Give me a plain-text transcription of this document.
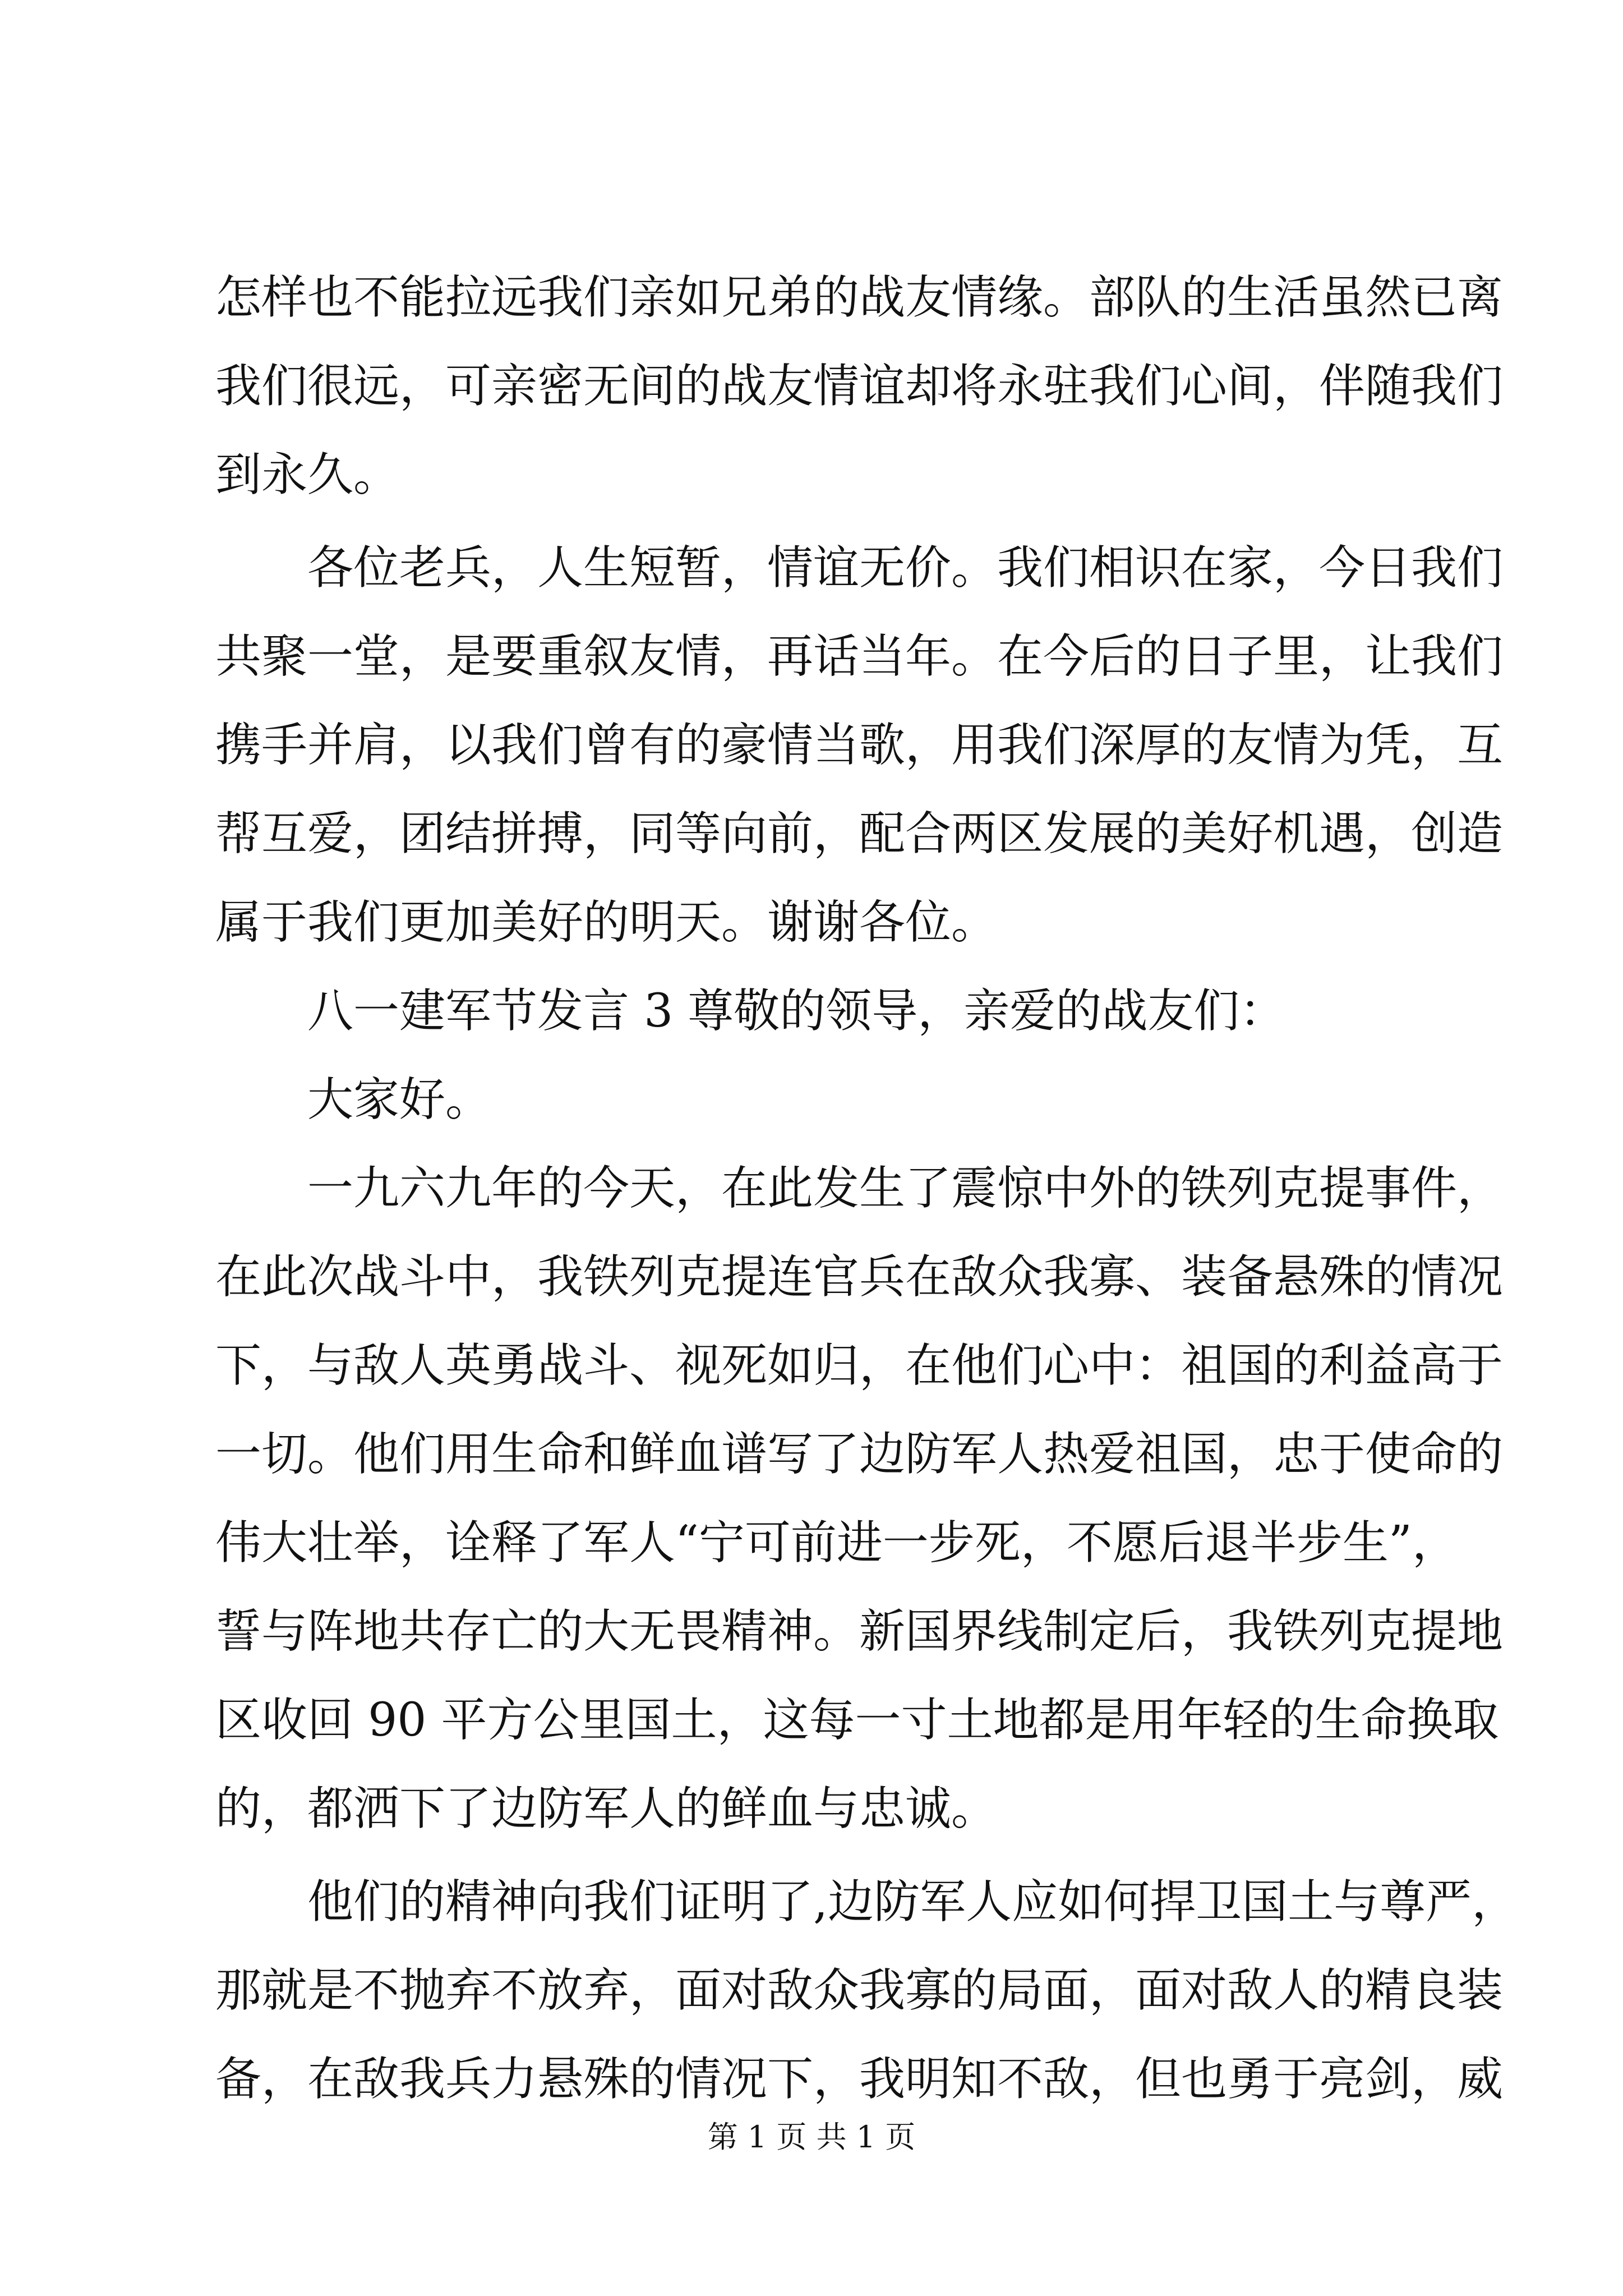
怎样也不能拉远我们亲如兄弟的战友情缘。部队的生活虽然已离
我们很远，可亲密无间的战友情谊却将永驻我们心间，伴随我们
到永久。
各位老兵，人生短暂，情谊无价。我们相识在家，今日我们
共聚一堂，是要重叙友情，再话当年。在今后的日子里，让我们
携手并肩，以我们曾有的豪情当歌，用我们深厚的友情为凭，互
帮互爱，团结拼搏，同等向前，配合两区发展的美好机遇，创造
属于我们更加美好的明天。谢谢各位。
八一建军节发言 3 尊敬的领导，亲爱的战友们：
大家好。
一九六九年的今天，在此发生了震惊中外的铁列克提事件，
在此次战斗中，我铁列克提连官兵在敌众我寡、装备悬殊的情况
下，与敌人英勇战斗、视死如归，在他们心中：祖国的利益高于
一切。他们用生命和鲜血谱写了边防军人热爱祖国，忠于使命的
伟大壮举，诠释了军人“宁可前进一步死，不愿后退半步生”，
誓与阵地共存亡的大无畏精神。新国界线制定后，我铁列克提地
区收回 90 平方公里国土，这每一寸土地都是用年轻的生命换取
的，都洒下了边防军人的鲜血与忠诚。
他们的精神向我们证明了,边防军人应如何捍卫国土与尊严，
那就是不抛弃不放弃，面对敌众我寡的局面，面对敌人的精良装
备，在敌我兵力悬殊的情况下，我明知不敌，但也勇于亮剑，威
第 1 页 共 1 页
